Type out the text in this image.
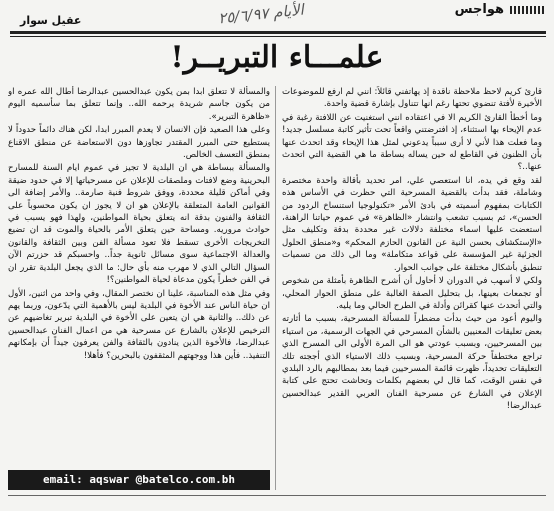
عقيل سوار	الأيام ٢٥/٦/٩٧	هواجس
علمـــاء التبريــر!

قارئ كريم لاحظ ملاحظة ناقدة إذ يهاتفني قائلاً: انني لم ارفع للموضوعات الأخيرة لأفتة تنضوي تحتها رغم انها تتناول بإشارة قضية واحدة.

وما أخطأ القارئ الكريم الا في اعتقاده انني استغنيت عن اللافتة رغبة في عدم الإيحاء بها استثناء، إذ افترضتني واقعاً تحت تأثير كاتبة مسلسل جديد! وما فعلت هذا لأني لا أرى سبباً يدعوني لمثل هذا الإيحاء وقد اتحدث عنها بأن الظنون في القاطع له حين يساله بساطة ما هي القضية التي اتحدث عنها..؟

لقد وقع في يده، انا استعصي علي، امر تحديد بأقالة واحدة مختصرة وشاملة، فقد بدأت بالقضية المسرحية التي حظرت في الأساس هذه الكتابات بمفهوم أسميته في بادئ الأمر «تكنولوجيا استنساخ الردود من الحسن»، ثم بسبب تشعب وانتشار «الظاهرة» في عموم حياتنا الراهنة، استعضت عليها اسماء مختلفة دلالات غير محددة بدقة وتكليف مثل «الإستكشاف بحسن النية عن القانون الحازم المحكم» و«منطق الحلول الجزئية غير المؤسسة على قواعد متكاملة» وما الى ذلك من تسميات تنطبق بأشكال مختلفة على جوانب الحوار.

ولكي لا أسهب في الدوران لا أحاول أن أشرح الظاهرة بأمثلة من شخوص أو تجمعات بعينها، بل بتحليل الصفة الغالبة على منطق الحوار المحلي، والتي أتحدث عنها كقرائن وأدلة في الطرح الحالي وما يليه.

واليوم أعود من حيث بدأت مضطراً للمسألة المسرحية، بسبب ما أثارته بعض تعليقات المعنيين بالشأن المسرحي في الجهات الرسمية، من استياء بين المسرحيين، وبسبب عودتي هو الى المرة الأولى الى المسرح الذي تراجع مختطفاً حركة المسرحية، وبسبب ذلك الاستياء الذي أججته تلك التعليقات تحديداً، ظهرت قائمة المسرحيين فيما بعد بمطالبهم بالرد البلدي في نفس الوقت، كما قال لي بعضهم بكلمات وتحاشت تحتج على كتابة الإعلان في الشارع عن مسرحية الفنان العربي القدير عبدالحسين عبدالرضا!

والمسألة لا تتعلق ابدا بمن يكون عبدالحسين عبدالرضا أطال الله عمره او من يكون جاسم شريدة يرحمه الله.. وإنما تتعلق بما سأسميه اليوم «ظاهرة التبرير».

وعلى هذا الصعيد فإن الانسان لا يعدم المبرر ابدا، لكن هناك دائماً حدوداً لا يستطيع حتى المبرر المقتدر تجاوزها دون الاستعاضة عن منطق الاقناع بمنطق التعسف الخالص.

والمسألة ببساطة هي ان البلدية لا تجيز في عموم ايام السنة للمسارح البحرينية وضع لافتات وملصقات للإعلان عن مسرحياتها إلا في حدود ضيقة وفي أماكن قليلة محددة، ووفق شروط فنية صارمة.. والأمر إضافة الى القوانين العامة المتعلقة بالإعلان هو ان لا يجوز ان يكون محسوباً على الثقافة والفنون بدقة انه يتعلق بحياة المواطنين، ولهذا فهو يسبب في حوادث مروريه. ومساحة حين يتعلق الأمر بالحياة والموت قد ان تضيع التخريجات الأخرى تسقط فلا تعود مسألة الفن وبين الثقافة والقانون والعدالة الاجتماعية سوى مسائل ثانوية جداً.. واحسبكم قد حزرتم الآن السؤال التالي الذي لا مهرب منه بأي حال: ما الذي يجعل البلدية تقرر ان في الفن خطراً يكون مدعاة لحياة المواطنين؟!

وفي مثل هذه المناسبة، علينا ان نختصر المقال، وفي واحد من اثنين، الأول ان حياة الناس عند الأخوة في البلدية ليس بالأهمية التي يدّعون، وربما يهم عن ذلك.. والثانية هي ان يتعين على الأخوة في البلدية تبرير تغاضيهم عن الترخيص للإعلان بالشارع عن مسرحية هي من اعمال الفنان عبدالحسين عبدالرضا، فالأخوة الذين ينادون بالثقافة والفن يعرفون جيداً أن بإمكانهم التنفيذ.. فأين هذا ووجهتهم المثقفون بالبحرين؟ فأهلا!

email: aqswar @batelco.com.bh
